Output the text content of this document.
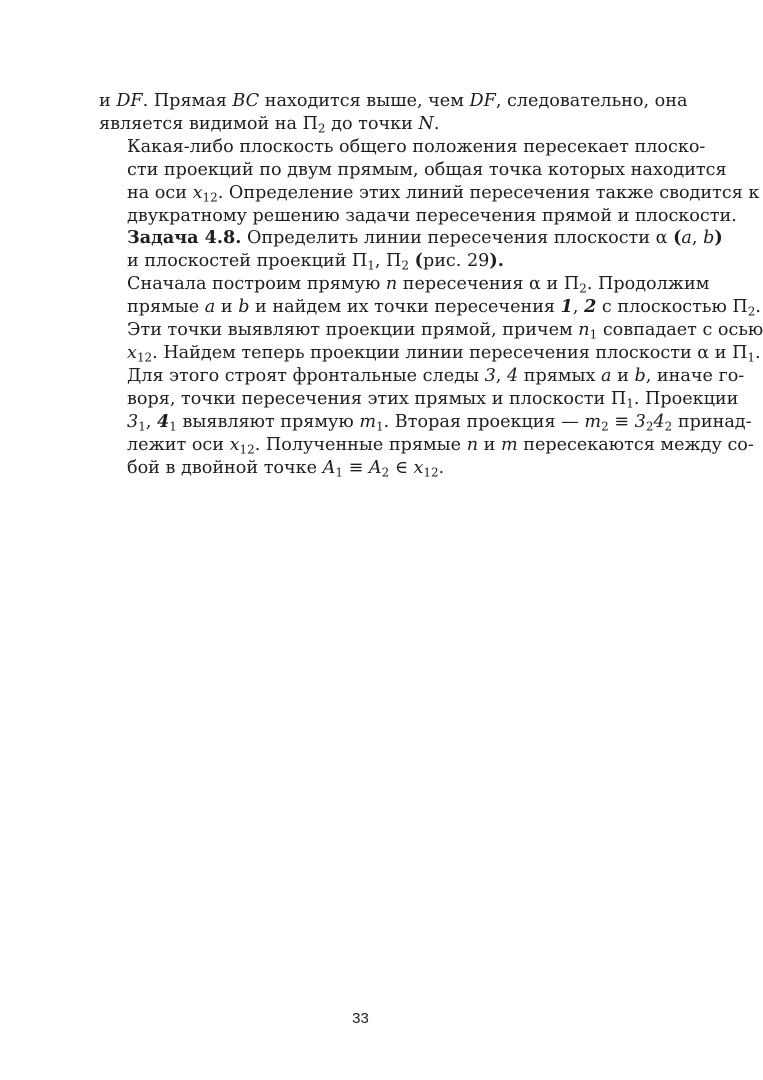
и DF. Прямая BC находится выше, чем DF, следовательно, она
является видимой на $П_2$ до точки N.

Какая-либо плоскость общего положения пересекает плоско-
сти проекций по двум прямым, общая точка которых находится
на оси $x_{12}$. Определение этих линий пересечения также сводится к
двукратному решению задачи пересечения прямой и плоскости.

Задача 4.8. Определить линии пересечения плоскости α (a, b)
и плоскостей проекций $П_1$, $П_2$ (рис. 29).

Сначала построим прямую n пересечения α и $П_2$. Продолжим
прямые a и b и найдем их точки пересечения 1, 2 с плоскостью $П_2$.
Эти точки выявляют проекции прямой, причем $n_1$ совпадает с осью
$x_{12}$. Найдем теперь проекции линии пересечения плоскости α и $П_1$.
Для этого строят фронтальные следы 3, 4 прямых a и b, иначе го-
воря, точки пересечения этих прямых и плоскости $П_1$. Проекции
$3_1$, $4_1$ выявляют прямую $m_1$. Вторая проекция — $m_2 \equiv 3_24_2$ принад-
лежит оси $x_{12}$. Полученные прямые n и m пересекаются между со-
бой в двойной точке $A_1 \equiv A_2$ ∈ $x_{12}$.

33
